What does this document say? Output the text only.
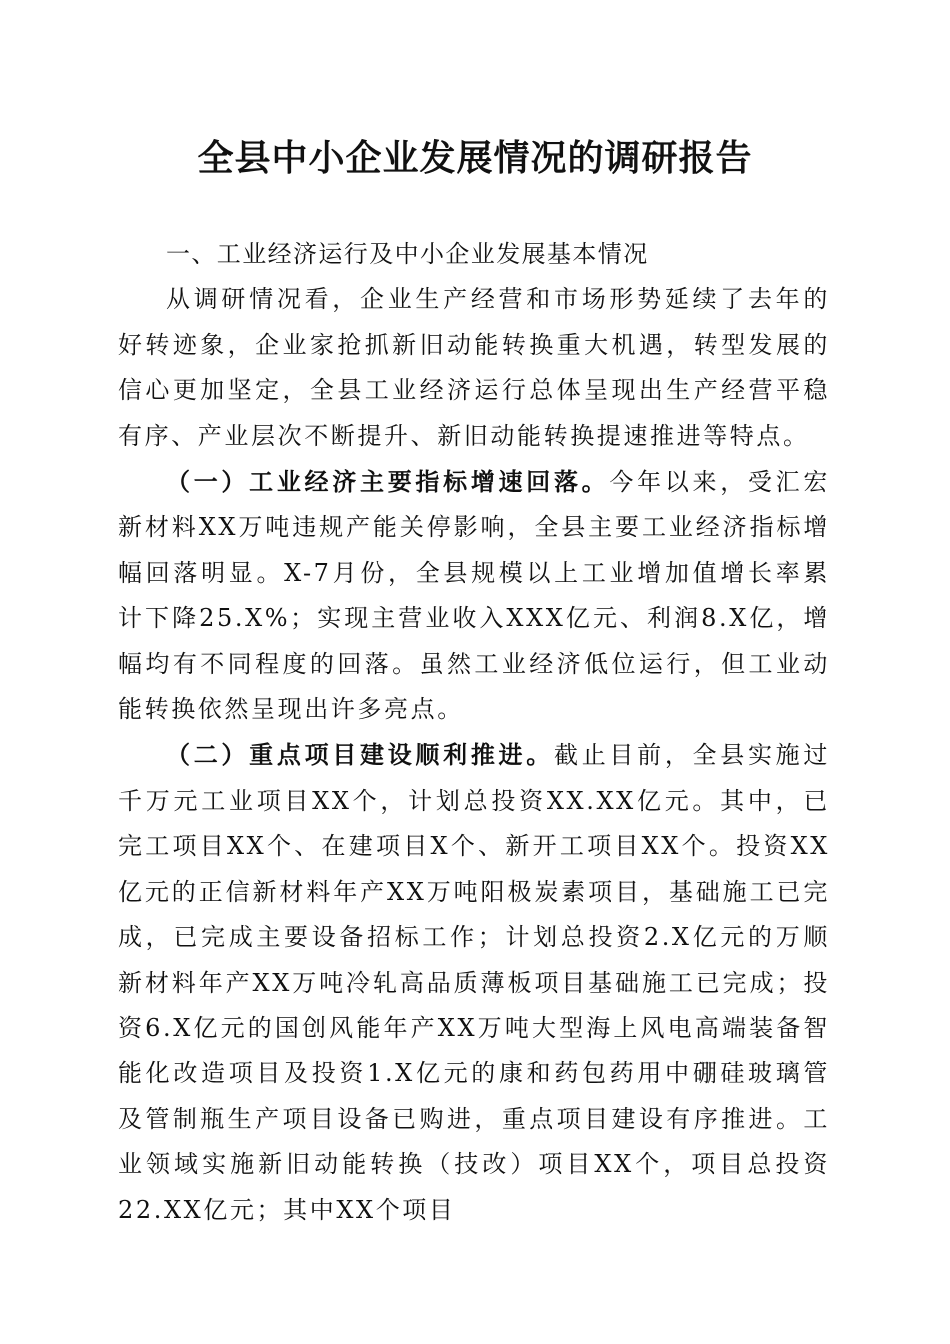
全县中小企业发展情况的调研报告

一、工业经济运行及中小企业发展基本情况

从调研情况看，企业生产经营和市场形势延续了去年的好转迹象，企业家抢抓新旧动能转换重大机遇，转型发展的信心更加坚定，全县工业经济运行总体呈现出生产经营平稳有序、产业层次不断提升、新旧动能转换提速推进等特点。

（一）工业经济主要指标增速回落。今年以来，受汇宏新材料XX万吨违规产能关停影响，全县主要工业经济指标增幅回落明显。X-7月份，全县规模以上工业增加值增长率累计下降25.X%；实现主营业收入XXX亿元、利润8.X亿，增幅均有不同程度的回落。虽然工业经济低位运行，但工业动能转换依然呈现出许多亮点。

（二）重点项目建设顺利推进。截止目前，全县实施过千万元工业项目XX个，计划总投资XX.XX亿元。其中，已完工项目XX个、在建项目X个、新开工项目XX个。投资XX亿元的正信新材料年产XX万吨阳极炭素项目，基础施工已完成，已完成主要设备招标工作；计划总投资2.X亿元的万顺新材料年产XX万吨冷轧高品质薄板项目基础施工已完成；投资6.X亿元的国创风能年产XX万吨大型海上风电高端装备智能化改造项目及投资1.X亿元的康和药包药用中硼硅玻璃管及管制瓶生产项目设备已购进，重点项目建设有序推进。工业领域实施新旧动能转换（技改）项目XX个，项目总投资22.XX亿元；其中XX个项目
